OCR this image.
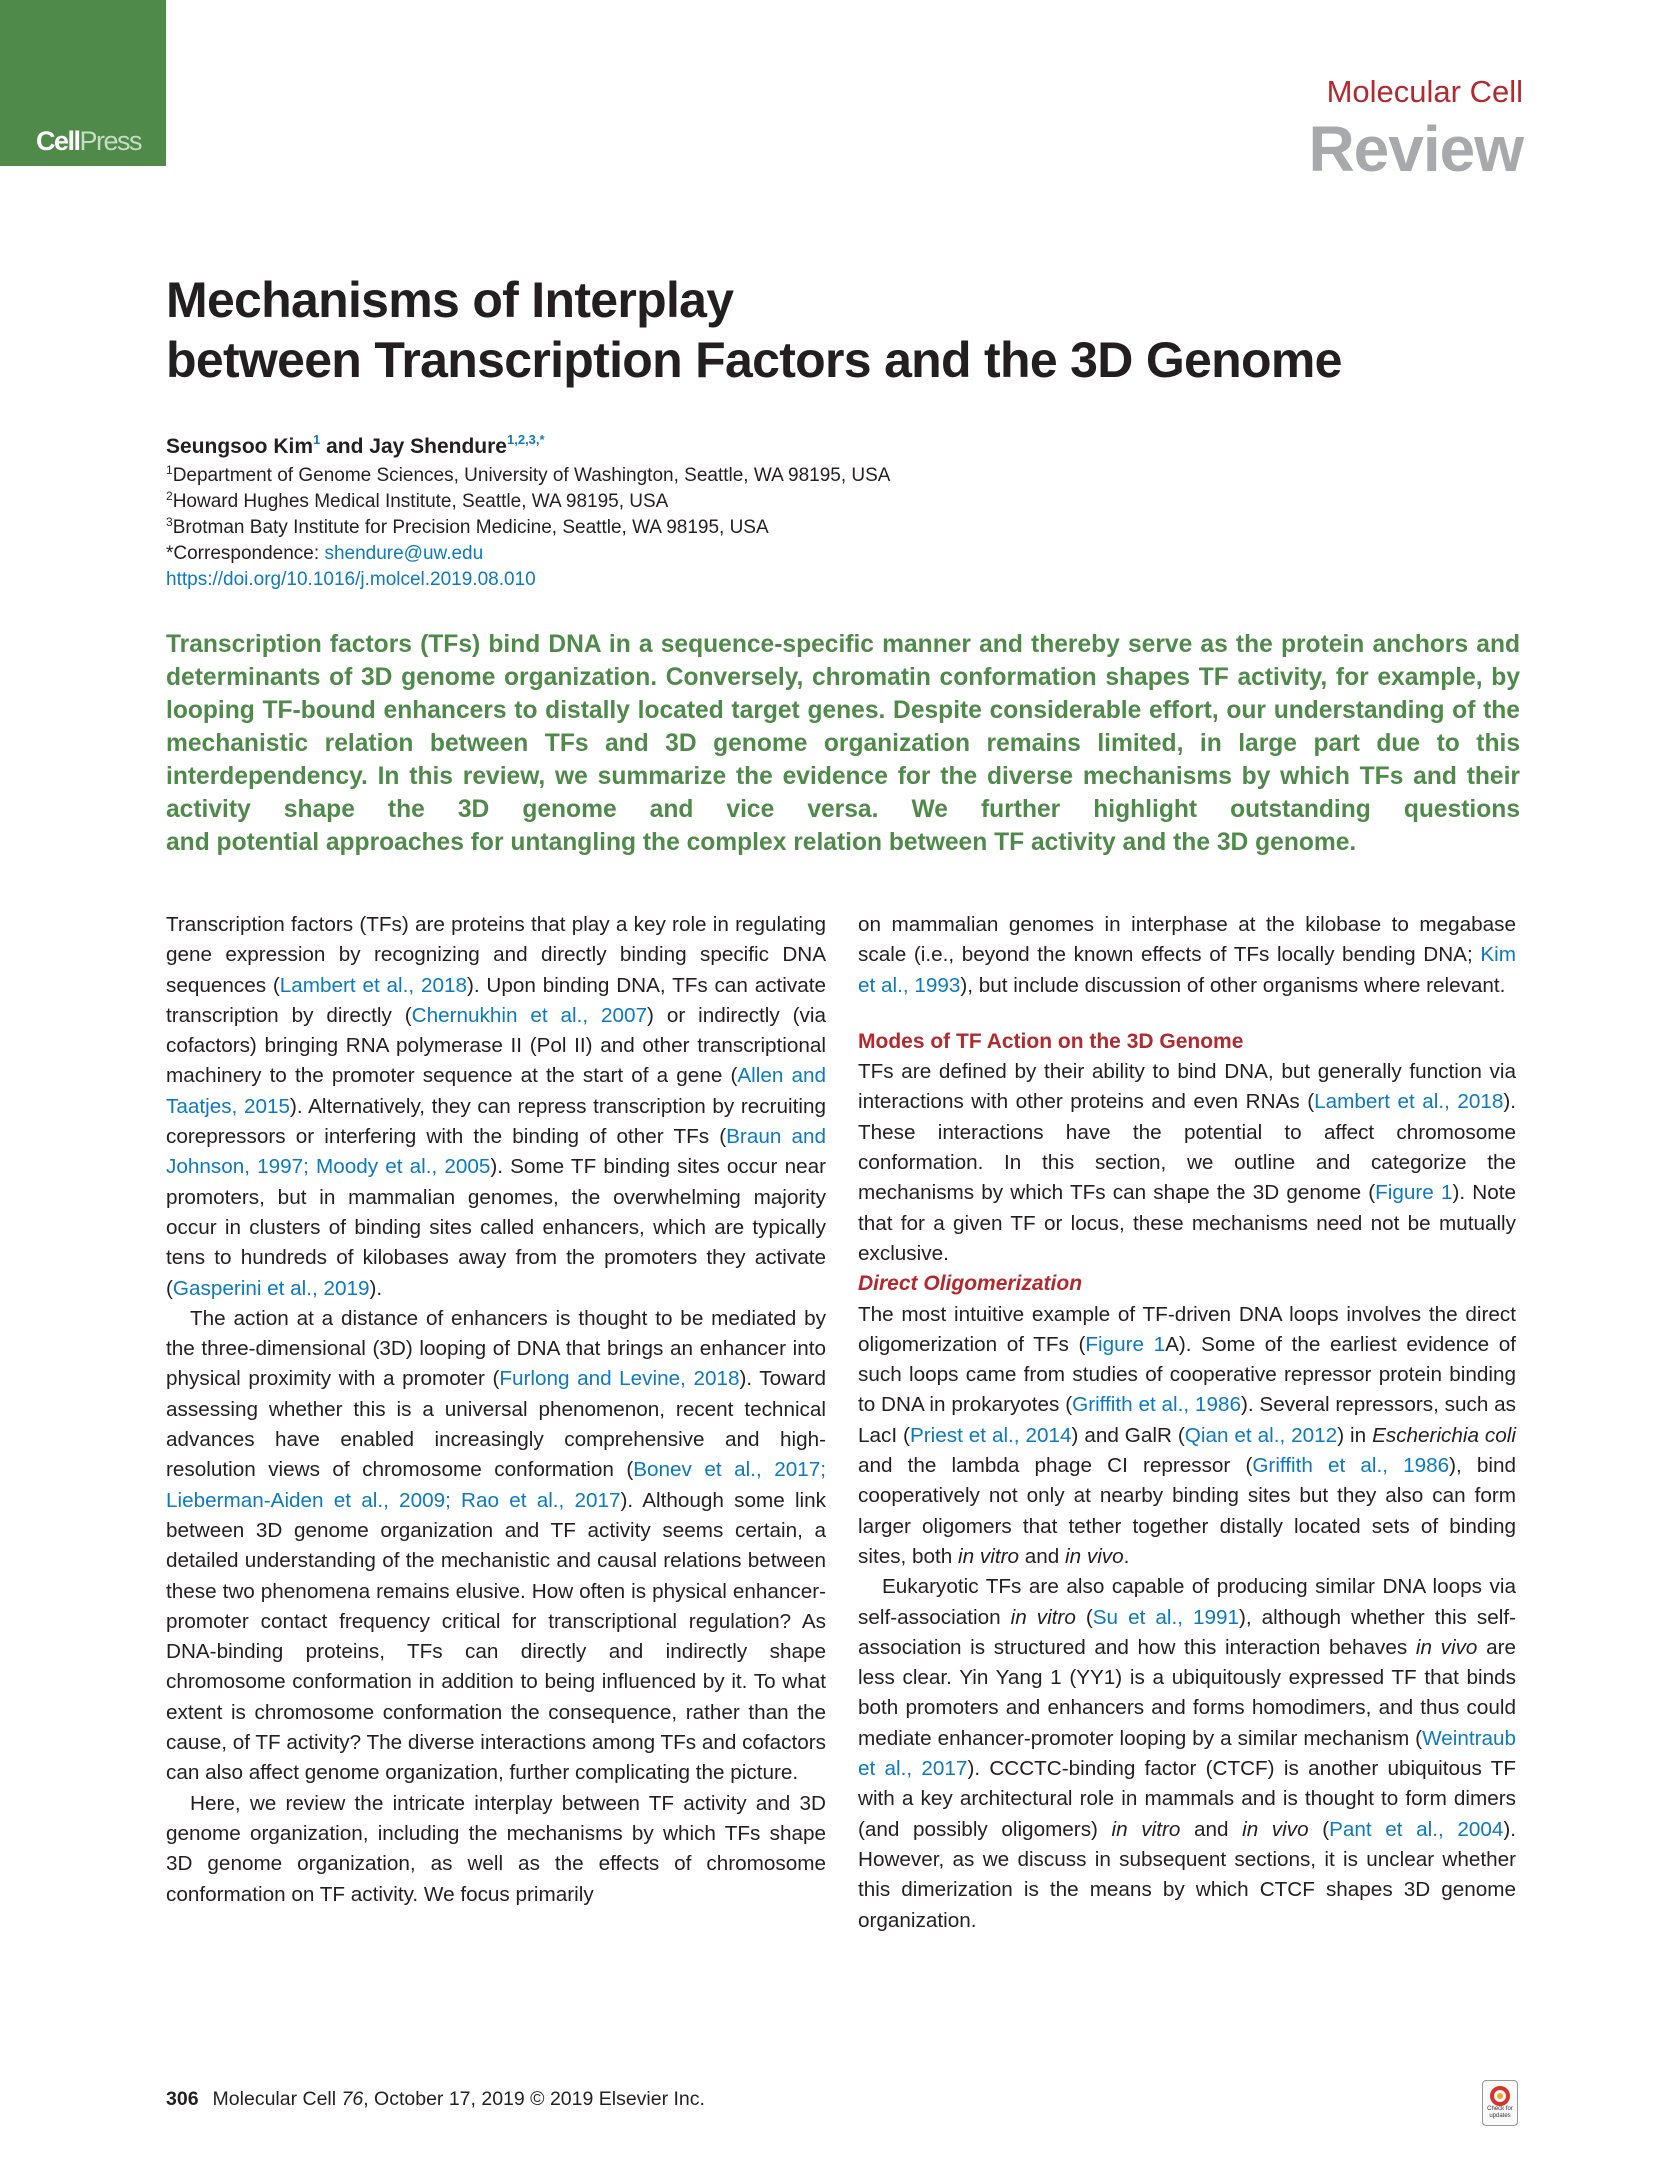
CellPress
Molecular Cell
Review
Mechanisms of Interplay
between Transcription Factors and the 3D Genome
Seungsoo Kim$^1$ and Jay Shendure$^{1,2,3,*}$
$^1$Department of Genome Sciences, University of Washington, Seattle, WA 98195, USA
$^2$Howard Hughes Medical Institute, Seattle, WA 98195, USA
$^3$Brotman Baty Institute for Precision Medicine, Seattle, WA 98195, USA
*Correspondence: shendure@uw.edu
https://doi.org/10.1016/j.molcel.2019.08.010

Transcription factors (TFs) bind DNA in a sequence-specific manner and thereby serve as the protein anchors and determinants of 3D genome organization. Conversely, chromatin conformation shapes TF activity, for example, by looping TF-bound enhancers to distally located target genes. Despite considerable effort, our understanding of the mechanistic relation between TFs and 3D genome organization remains limited, in large part due to this interdependency. In this review, we summarize the evidence for the diverse mechanisms by which TFs and their activity shape the 3D genome and vice versa. We further highlight outstanding questions

and potential approaches for untangling the complex relation between TF activity and the 3D genome.

Transcription factors (TFs) are proteins that play a key role in regulating gene expression by recognizing and directly binding specific DNA sequences (Lambert et al., 2018). Upon binding DNA, TFs can activate transcription by directly (Chernukhin et al., 2007) or indirectly (via cofactors) bringing RNA polymerase II (Pol II) and other transcriptional machinery to the promoter sequence at the start of a gene (Allen and Taatjes, 2015). Alternatively, they can repress transcription by recruiting corepressors or interfering with the binding of other TFs (Braun and Johnson, 1997; Moody et al., 2005). Some TF binding sites occur near promoters, but in mammalian genomes, the overwhelming majority occur in clusters of binding sites called enhancers, which are typically tens to hundreds of kilobases away from the promoters they activate (Gasperini et al., 2019).

The action at a distance of enhancers is thought to be mediated by the three-dimensional (3D) looping of DNA that brings an enhancer into physical proximity with a promoter (Furlong and Levine, 2018). Toward assessing whether this is a universal phenomenon, recent technical advances have enabled increasingly comprehensive and high-resolution views of chromosome conformation (Bonev et al., 2017; Lieberman-Aiden et al., 2009; Rao et al., 2017). Although some link between 3D genome organization and TF activity seems certain, a detailed understanding of the mechanistic and causal relations between these two phenomena remains elusive. How often is physical enhancer-promoter contact frequency critical for transcriptional regulation? As DNA-binding proteins, TFs can directly and indirectly shape chromosome conformation in addition to being influenced by it. To what extent is chromosome conformation the consequence, rather than the cause, of TF activity? The diverse interactions among TFs and cofactors can also affect genome organization, further complicating the picture.

Here, we review the intricate interplay between TF activity and 3D genome organization, including the mechanisms by which TFs shape 3D genome organization, as well as the effects of chromosome conformation on TF activity. We focus primarily

on mammalian genomes in interphase at the kilobase to megabase scale (i.e., beyond the known effects of TFs locally bending DNA; Kim et al., 1993), but include discussion of other organisms where relevant.

Modes of TF Action on the 3D Genome

TFs are defined by their ability to bind DNA, but generally function via interactions with other proteins and even RNAs (Lambert et al., 2018). These interactions have the potential to affect chromosome conformation. In this section, we outline and categorize the mechanisms by which TFs can shape the 3D genome (Figure 1). Note that for a given TF or locus, these mechanisms need not be mutually exclusive.

Direct Oligomerization

The most intuitive example of TF-driven DNA loops involves the direct oligomerization of TFs (Figure 1A). Some of the earliest evidence of such loops came from studies of cooperative repressor protein binding to DNA in prokaryotes (Griffith et al., 1986). Several repressors, such as LacI (Priest et al., 2014) and GalR (Qian et al., 2012) in Escherichia coli and the lambda phage CI repressor (Griffith et al., 1986), bind cooperatively not only at nearby binding sites but they also can form larger oligomers that tether together distally located sets of binding sites, both in vitro and in vivo.

Eukaryotic TFs are also capable of producing similar DNA loops via self-association in vitro (Su et al., 1991), although whether this self-association is structured and how this interaction behaves in vivo are less clear. Yin Yang 1 (YY1) is a ubiquitously expressed TF that binds both promoters and enhancers and forms homodimers, and thus could mediate enhancer-promoter looping by a similar mechanism (Weintraub et al., 2017). CCCTC-binding factor (CTCF) is another ubiquitous TF with a key architectural role in mammals and is thought to form dimers (and possibly oligomers) in vitro and in vivo (Pant et al., 2004). However, as we discuss in subsequent sections, it is unclear whether this dimerization is the means by which CTCF shapes 3D genome organization.

306 Molecular Cell 76, October 17, 2019 © 2019 Elsevier Inc.	Check for updates
